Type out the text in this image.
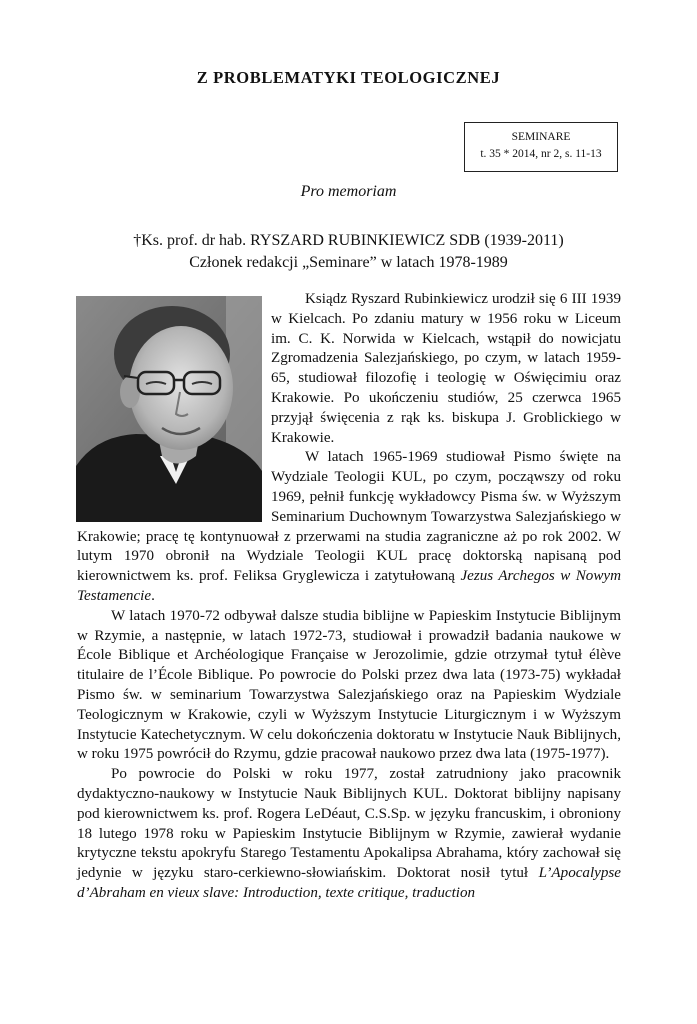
Z PROBLEMATYKI TEOLOGICZNEJ
SEMINARE
t. 35 * 2014, nr 2, s. 11-13
Pro memoriam
†Ks. prof. dr hab. RYSZARD RUBINKIEWICZ SDB (1939-2011)
Członek redakcji „Seminare” w latach 1978-1989

Ksiądz Ryszard Rubinkiewicz urodził się 6 III 1939 w Kielcach. Po zdaniu matury w 1956 roku w Liceum im. C. K. Norwida w Kielcach, wstąpił do nowicjatu Zgromadzenia Salezjańskiego, po czym, w latach 1959-65, studiował filozofię i teologię w Oświęcimiu oraz Krakowie. Po ukończeniu studiów, 25 czerwca 1965 przyjął święcenia z rąk ks. biskupa J. Groblickiego w Krakowie.

W latach 1965-1969 studiował Pismo święte na Wydziale Teologii KUL, po czym, począwszy od roku 1969, pełnił funkcję wykładowcy Pisma św. w Wyższym Seminarium Duchownym Towarzystwa Salezjańskiego w Krakowie; pracę tę kontynuował z przerwami na studia zagraniczne aż po rok 2002. W lutym 1970 obronił na Wydziale Teologii KUL pracę doktorską napisaną pod kierownictwem ks. prof. Feliksa Gryglewicza i zatytułowaną Jezus Archegos w Nowym Testamencie.

W latach 1970-72 odbywał dalsze studia biblijne w Papieskim Instytucie Biblijnym w Rzymie, a następnie, w latach 1972-73, studiował i prowadził badania naukowe w École Biblique et Archéologique Française w Jerozolimie, gdzie otrzymał tytuł élève titulaire de l’École Biblique. Po powrocie do Polski przez dwa lata (1973-75) wykładał Pismo św. w seminarium Towarzystwa Salezjańskiego oraz na Papieskim Wydziale Teologicznym w Krakowie, czyli w Wyższym Instytucie Liturgicznym i w Wyższym Instytucie Katechetycznym. W celu dokończenia doktoratu w Instytucie Nauk Biblijnych, w roku 1975 powrócił do Rzymu, gdzie pracował naukowo przez dwa lata (1975-1977).

Po powrocie do Polski w roku 1977, został zatrudniony jako pracownik dydaktyczno-naukowy w Instytucie Nauk Biblijnych KUL. Doktorat biblijny napisany pod kierownictwem ks. prof. Rogera LeDéaut, C.S.Sp. w języku francuskim, i obroniony 18 lutego 1978 roku w Papieskim Instytucie Biblijnym w Rzymie, zawierał wydanie krytyczne tekstu apokryfu Starego Testamentu Apokalipsa Abrahama, który zachował się jedynie w języku staro-cerkiewno-słowiańskim. Doktorat nosił tytuł L’Apocalypse d’Abraham en vieux slave: Introduction, texte critique, traduction
